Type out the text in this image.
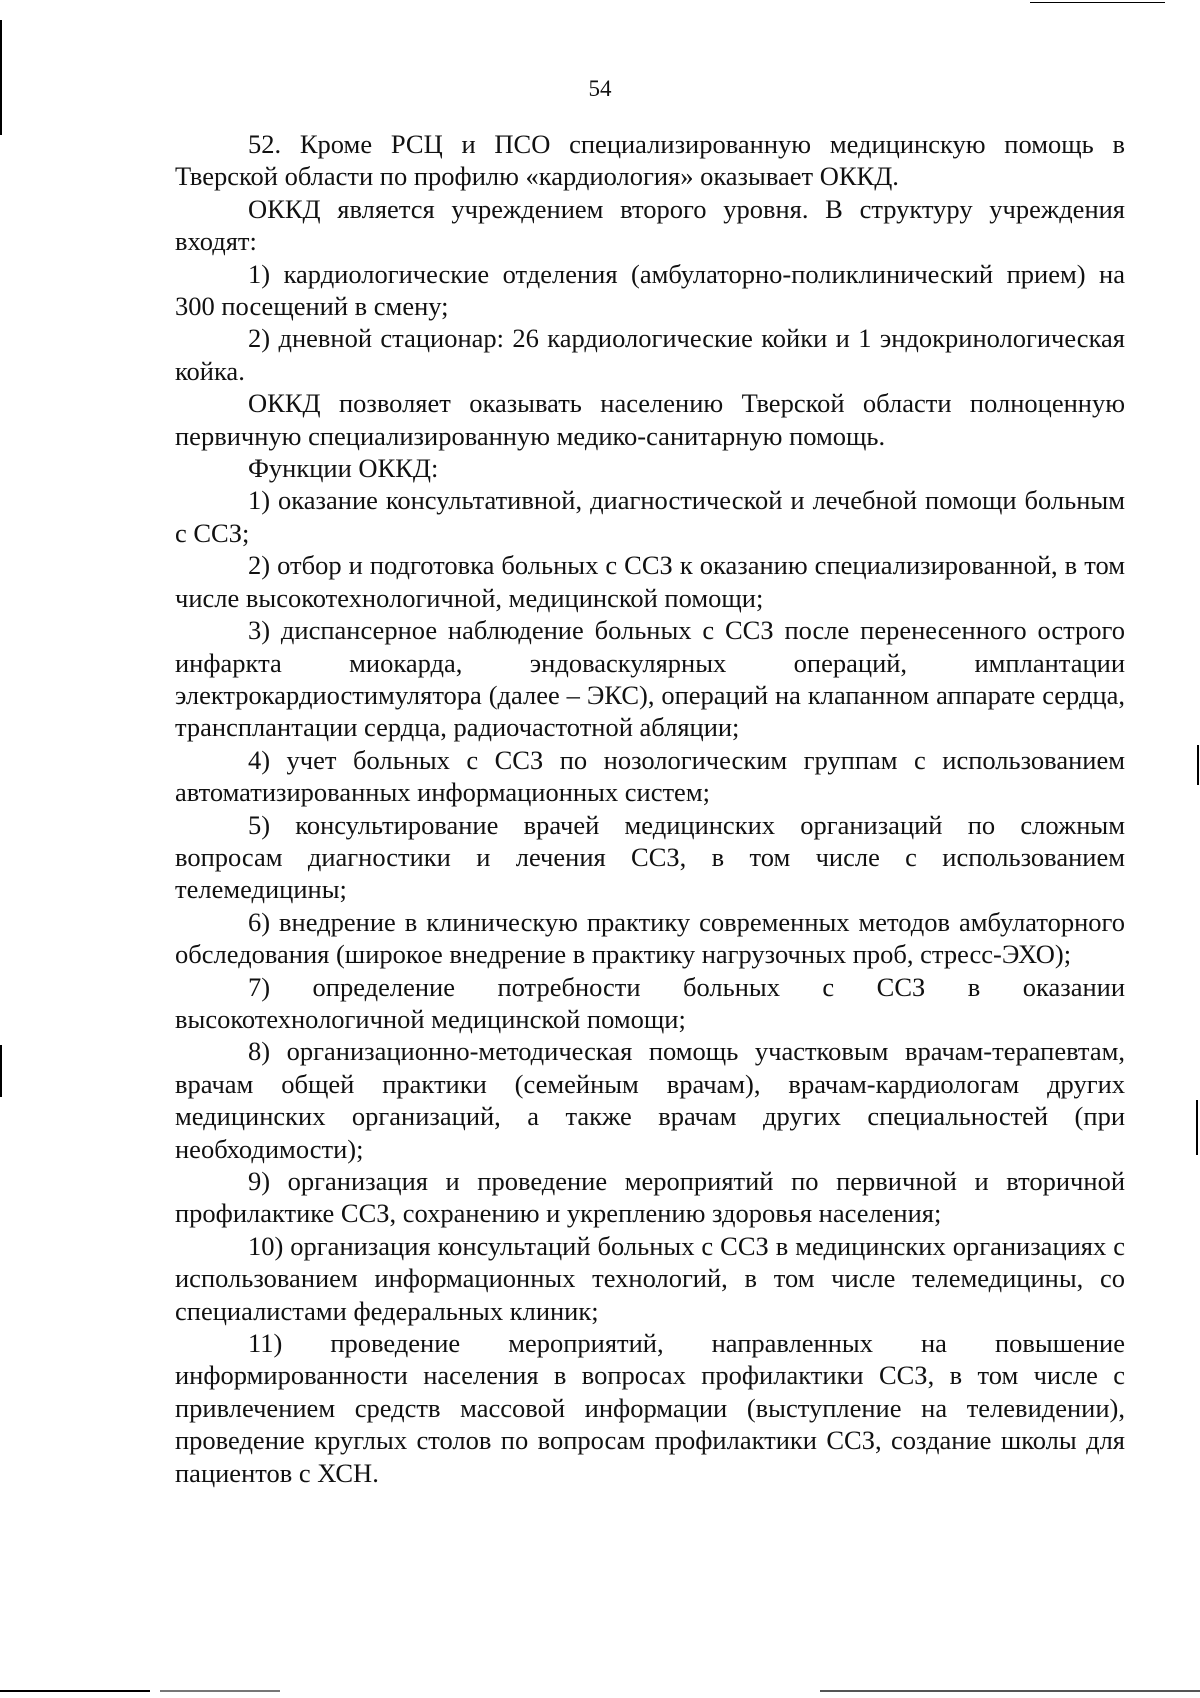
54

52. Кроме РСЦ и ПСО специализированную медицинскую помощь в Тверской области по профилю «кардиология» оказывает ОККД.

ОККД является учреждением второго уровня. В структуру учреждения входят:

1) кардиологические отделения (амбулаторно-поликлинический прием) на 300 посещений в смену;

2) дневной стационар: 26 кардиологические койки и 1 эндокринологическая койка.

ОККД позволяет оказывать населению Тверской области полноценную первичную специализированную медико-санитарную помощь.

Функции ОККД:

1) оказание консультативной, диагностической и лечебной помощи больным с ССЗ;

2) отбор и подготовка больных с ССЗ к оказанию специализированной, в том числе высокотехнологичной, медицинской помощи;

3) диспансерное наблюдение больных с ССЗ после перенесенного острого инфаркта миокарда, эндоваскулярных операций, имплантации электрокардиостимулятора (далее – ЭКС), операций на клапанном аппарате сердца, трансплантации сердца, радиочастотной абляции;

4) учет больных с ССЗ по нозологическим группам с использованием автоматизированных информационных систем;

5) консультирование врачей медицинских организаций по сложным вопросам диагностики и лечения ССЗ, в том числе с использованием телемедицины;

6) внедрение в клиническую практику современных методов амбулаторного обследования (широкое внедрение в практику нагрузочных проб, стресс-ЭХО);

7) определение потребности больных с ССЗ в оказании высокотехнологичной медицинской помощи;

8) организационно-методическая помощь участковым врачам-терапевтам, врачам общей практики (семейным врачам), врачам-кардиологам других медицинских организаций, а также врачам других специальностей (при необходимости);

9) организация и проведение мероприятий по первичной и вторичной профилактике ССЗ, сохранению и укреплению здоровья населения;

10) организация консультаций больных с ССЗ в медицинских организациях с использованием информационных технологий, в том числе телемедицины, со специалистами федеральных клиник;

11) проведение мероприятий, направленных на повышение информированности населения в вопросах профилактики ССЗ, в том числе с привлечением средств массовой информации (выступление на телевидении), проведение круглых столов по вопросам профилактики ССЗ, создание школы для пациентов с ХСН.
